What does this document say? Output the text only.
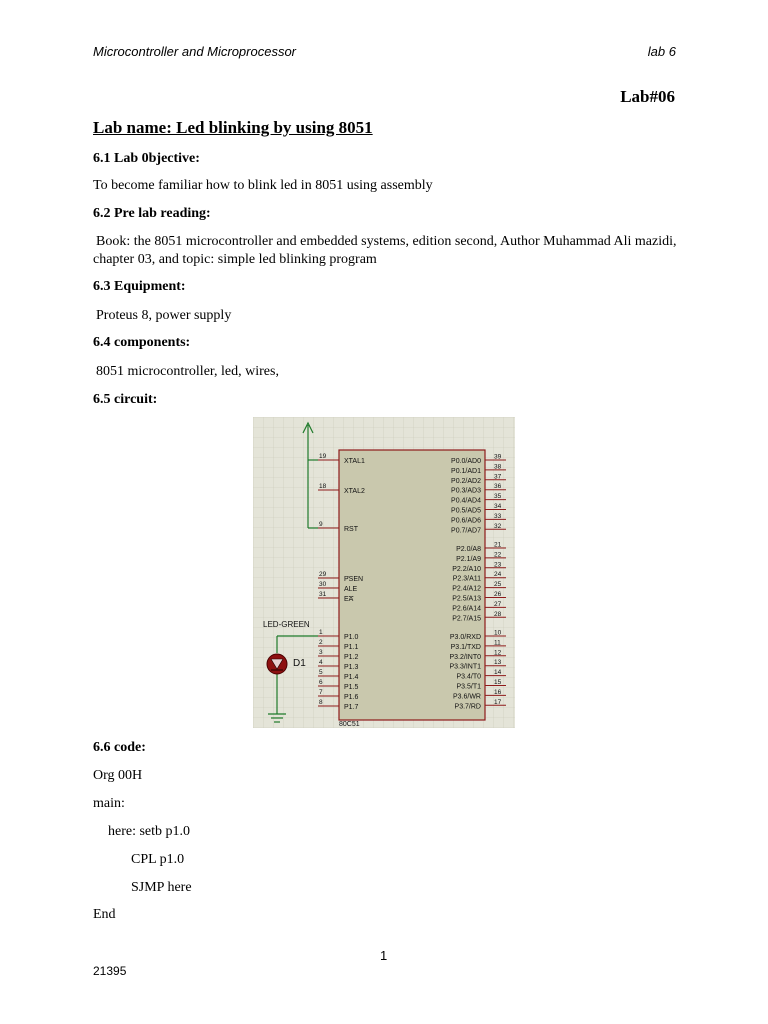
Microcontroller and Microprocessor	lab 6
Lab#06
Lab name: Led blinking by using 8051
6.1 Lab 0bjective:
To become familiar how to blink led in 8051 using assembly
6.2 Pre lab reading:
Book: the 8051 microcontroller and embedded systems, edition second, Author Muhammad Ali mazidi, chapter 03, and topic: simple led blinking program
6.3 Equipment:
Proteus 8, power supply
6.4 components:
8051 microcontroller, led, wires,
6.5 circuit:
80C51
19
XTAL1
18
XTAL2
9
RST
29
PSEN
30
ALE
31
EA
1
P1.0
2
P1.1
3
P1.2
4
P1.3
5
P1.4
6
P1.5
7
P1.6
8
P1.7
39
P0.0/AD0
38
P0.1/AD1
37
P0.2/AD2
36
P0.3/AD3
35
P0.4/AD4
34
P0.5/AD5
33
P0.6/AD6
32
P0.7/AD7
21
P2.0/A8
22
P2.1/A9
23
P2.2/A10
24
P2.3/A11
25
P2.4/A12
26
P2.5/A13
27
P2.6/A14
28
P2.7/A15
10
P3.0/RXD
11
P3.1/TXD
12
P3.2/INT0
13
P3.3/INT1
14
P3.4/T0
15
P3.5/T1
16
P3.6/WR
17
P3.7/RD
LED-GREEN
D1
6.6 code:
Org 00H
main:
here: setb p1.0
CPL p1.0
SJMP here
End
1
21395
